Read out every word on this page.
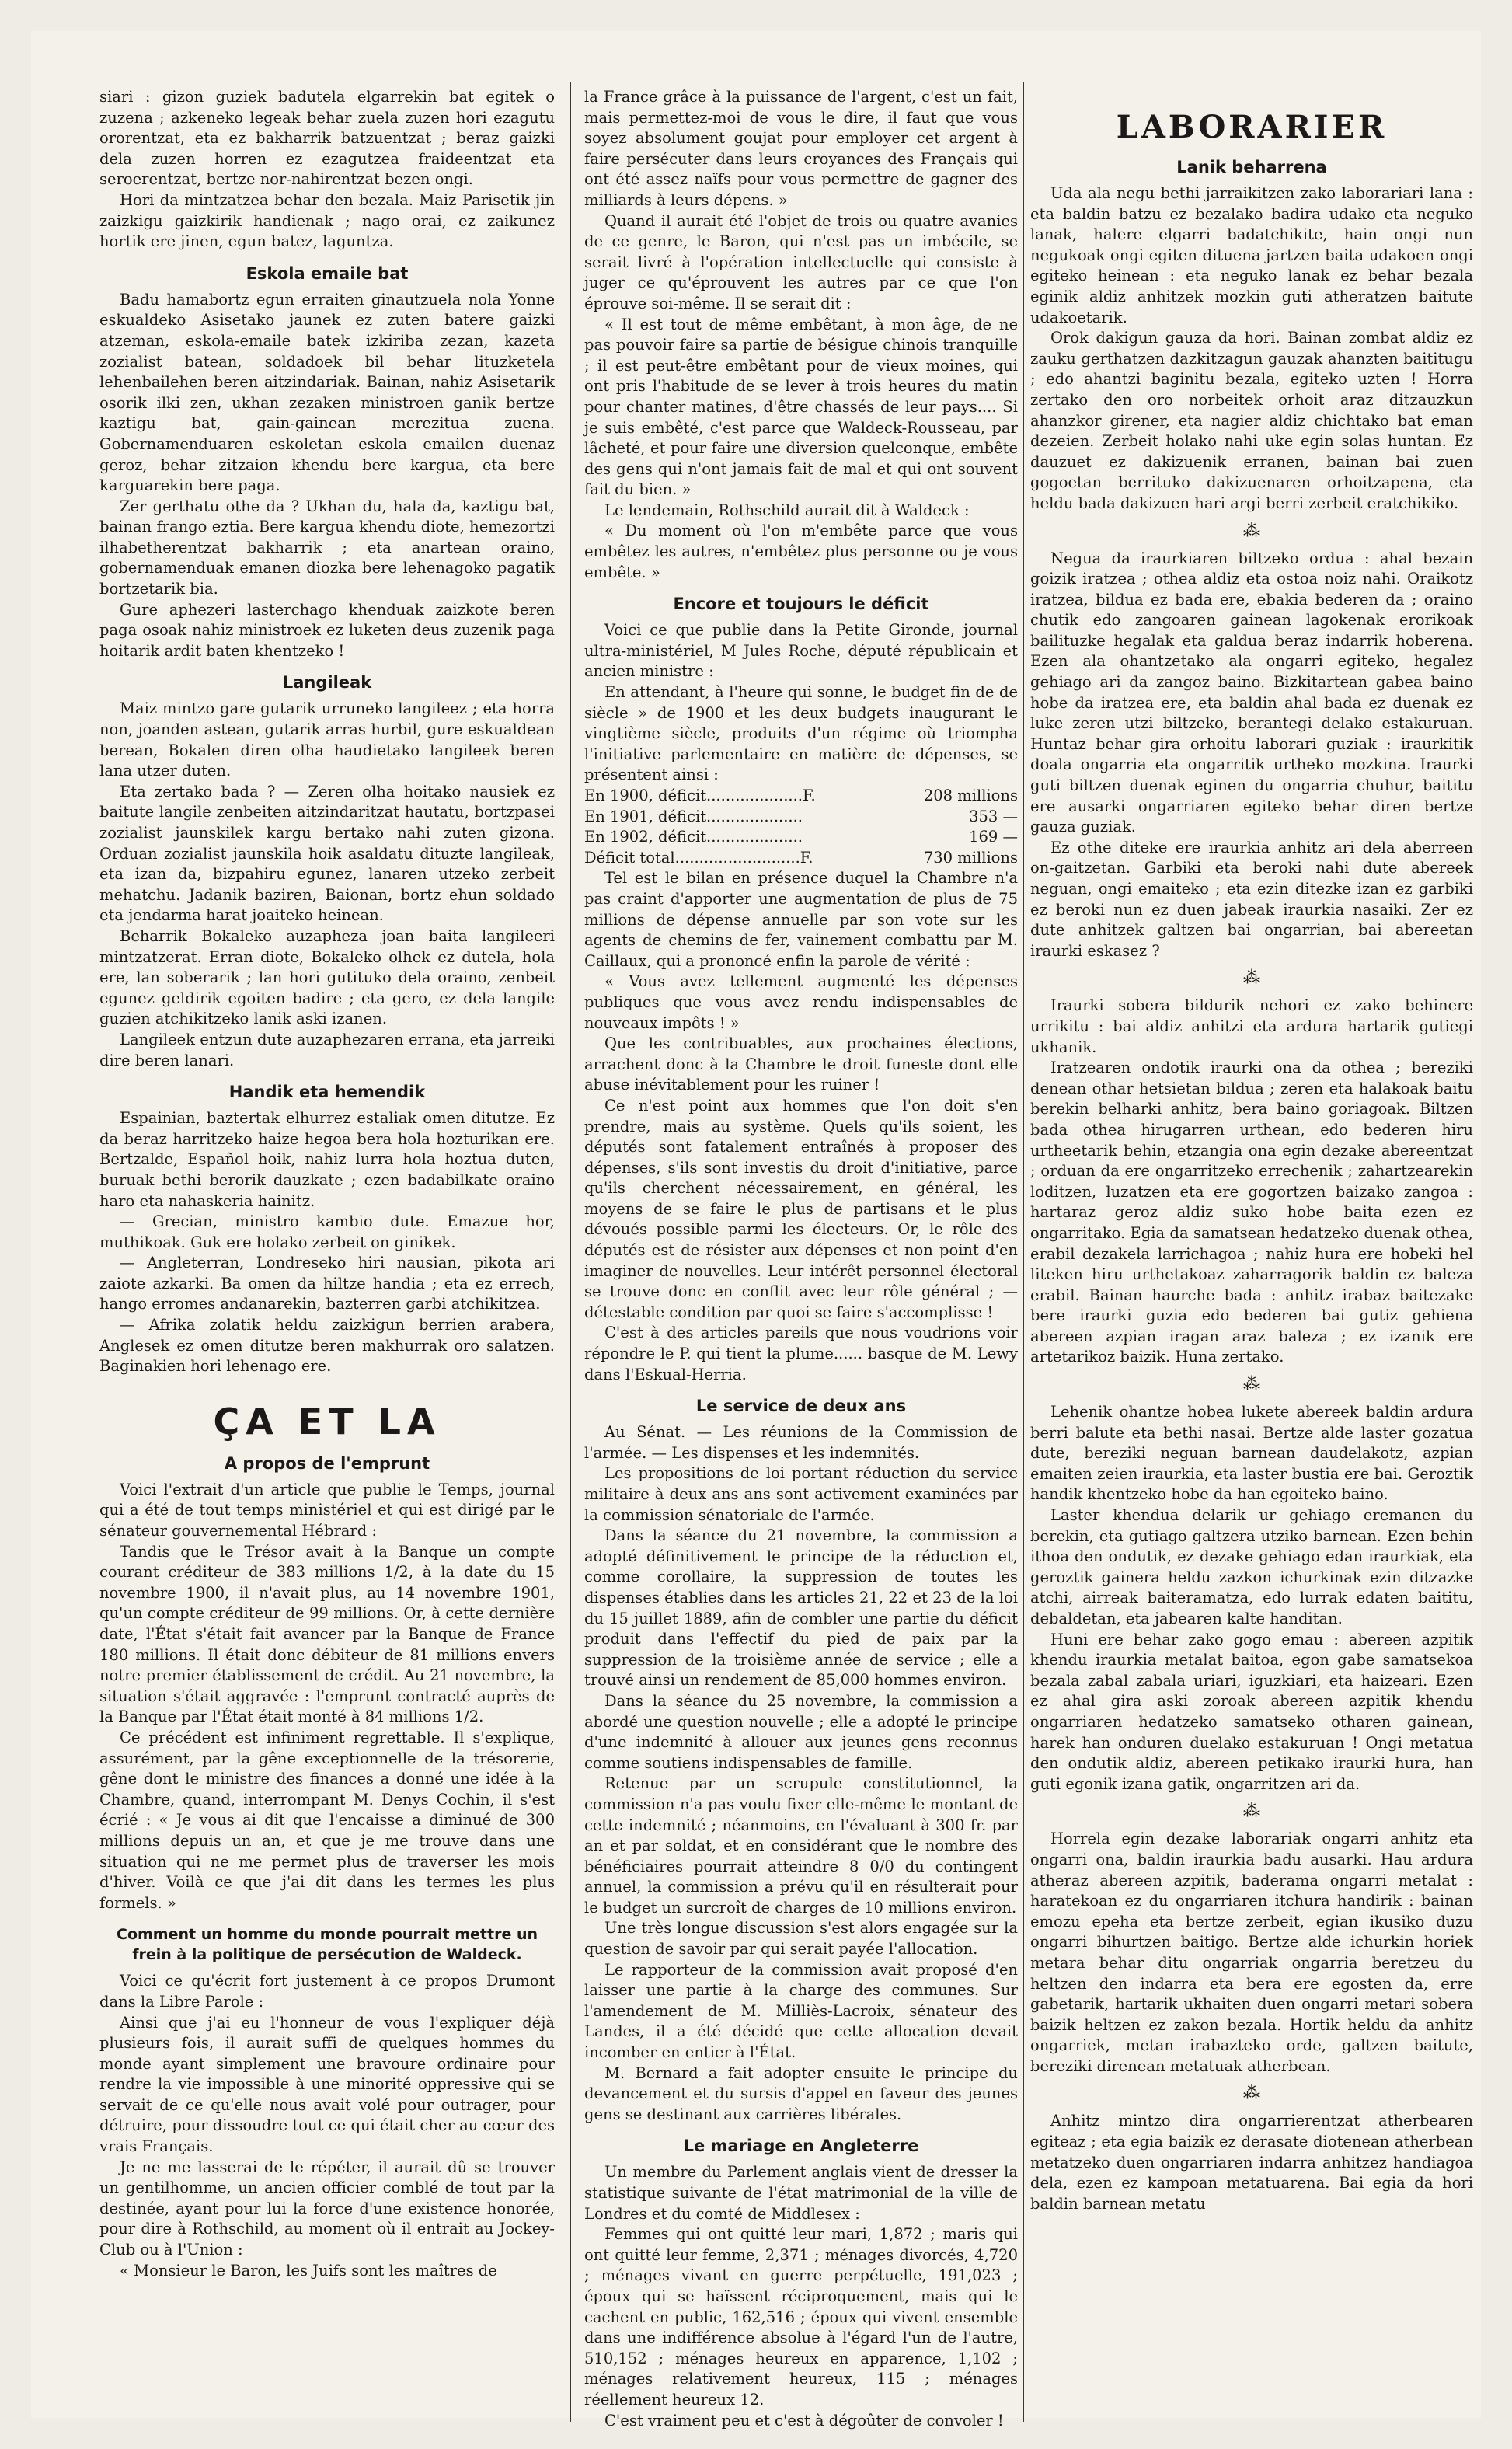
siari : gizon guziek badutela elgarrekin bat egitek o zuzena ; azkeneko legeak behar zuela zuzen hori ezagutu ororentzat, eta ez bakharrik batzuentzat ; beraz gaizki dela zuzen horren ez ezagutzea fraideentzat eta seroerentzat, bertze nor-nahirentzat bezen ongi.

Hori da mintzatzea behar den bezala. Maiz Parisetik jin zaizkigu gaizkirik handienak ; nago orai, ez zaikunez hortik ere jinen, egun batez, laguntza.

Eskola emaile bat

Badu hamabortz egun erraiten ginautzuela nola Yonne eskualdeko Asisetako jaunek ez zuten batere gaizki atzeman, eskola-emaile batek izkiriba zezan, kazeta zozialist batean, soldadoek bil behar lituzketela lehenbailehen beren aitzindariak. Bainan, nahiz Asisetarik osorik ilki zen, ukhan zezaken ministroen ganik bertze kaztigu bat, gain-gainean merezitua zuena. Gobernamenduaren eskoletan eskola emailen duenaz geroz, behar zitzaion khendu bere kargua, eta bere karguarekin bere paga.

Zer gerthatu othe da ? Ukhan du, hala da, kaztigu bat, bainan frango eztia. Bere kargua khendu diote, hemezortzi ilhabetherentzat bakharrik ; eta anartean oraino, gobernamenduak emanen diozka bere lehenagoko pagatik bortzetarik bia.

Gure aphezeri lasterchago khenduak zaizkote beren paga osoak nahiz ministroek ez luketen deus zuzenik paga hoitarik ardit baten khentzeko !

Langileak

Maiz mintzo gare gutarik urruneko langileez ; eta horra non, joanden astean, gutarik arras hurbil, gure eskualdean berean, Bokalen diren olha haudietako langileek beren lana utzer duten.

Eta zertako bada ? — Zeren olha hoitako nausiek ez baitute langile zenbeiten aitzindaritzat hautatu, bortzpasei zozialist jaunskilek kargu bertako nahi zuten gizona. Orduan zozialist jaunskila hoik asaldatu dituzte langileak, eta izan da, bizpahiru egunez, lanaren utzeko zerbeit mehatchu. Jadanik baziren, Baionan, bortz ehun soldado eta jendarma harat joaiteko heinean.

Beharrik Bokaleko auzapheza joan baita langileeri mintzatzerat. Erran diote, Bokaleko olhek ez dutela, hola ere, lan soberarik ; lan hori gutituko dela oraino, zenbeit egunez geldirik egoiten badire ; eta gero, ez dela langile guzien atchikitzeko lanik aski izanen.

Langileek entzun dute auzaphezaren errana, eta jarreiki dire beren lanari.

Handik eta hemendik

Espainian, baztertak elhurrez estaliak omen ditutze. Ez da beraz harritzeko haize hegoa bera hola hozturikan ere. Bertzalde, Español hoik, nahiz lurra hola hoztua duten, buruak bethi berorik dauzkate ; ezen badabilkate oraino haro eta nahaskeria hainitz.

— Grecian, ministro kambio dute. Emazue hor, muthikoak. Guk ere holako zerbeit on ginikek.

— Angleterran, Londreseko hiri nausian, pikota ari zaiote azkarki. Ba omen da hiltze handia ; eta ez errech, hango erromes andanarekin, bazterren garbi atchikitzea.

— Afrika zolatik heldu zaizkigun berrien arabera, Anglesek ez omen ditutze beren makhurrak oro salatzen. Baginakien hori lehenago ere.

ÇA ET LA
A propos de l'emprunt

Voici l'extrait d'un article que publie le Temps, journal qui a été de tout temps ministériel et qui est dirigé par le sénateur gouvernemental Hébrard :

Tandis que le Trésor avait à la Banque un compte courant créditeur de 383 millions 1/2, à la date du 15 novembre 1900, il n'avait plus, au 14 novembre 1901, qu'un compte créditeur de 99 millions. Or, à cette dernière date, l'État s'était fait avancer par la Banque de France 180 millions. Il était donc débiteur de 81 millions envers notre premier établissement de crédit. Au 21 novembre, la situation s'était aggravée : l'emprunt contracté auprès de la Banque par l'État était monté à 84 millions 1/2.

Ce précédent est infiniment regrettable. Il s'explique, assurément, par la gêne exceptionnelle de la trésorerie, gêne dont le ministre des finances a donné une idée à la Chambre, quand, interrompant M. Denys Cochin, il s'est écrié : « Je vous ai dit que l'encaisse a diminué de 300 millions depuis un an, et que je me trouve dans une situation qui ne me permet plus de traverser les mois d'hiver. Voilà ce que j'ai dit dans les termes les plus formels. »

Comment un homme du monde pourrait mettre un frein à la politique de persécution de Waldeck.

Voici ce qu'écrit fort justement à ce propos Drumont dans la Libre Parole :

Ainsi que j'ai eu l'honneur de vous l'expliquer déjà plusieurs fois, il aurait suffi de quelques hommes du monde ayant simplement une bravoure ordinaire pour rendre la vie impossible à une minorité oppressive qui se servait de ce qu'elle nous avait volé pour outrager, pour détruire, pour dissoudre tout ce qui était cher au cœur des vrais Français.

Je ne me lasserai de le répéter, il aurait dû se trouver un gentilhomme, un ancien officier comblé de tout par la destinée, ayant pour lui la force d'une existence honorée, pour dire à Rothschild, au moment où il entrait au Jockey-Club ou à l'Union :

« Monsieur le Baron, les Juifs sont les maîtres de

la France grâce à la puissance de l'argent, c'est un fait, mais permettez-moi de vous le dire, il faut que vous soyez absolument goujat pour employer cet argent à faire persécuter dans leurs croyances des Français qui ont été assez naïfs pour vous permettre de gagner des milliards à leurs dépens. »

Quand il aurait été l'objet de trois ou quatre avanies de ce genre, le Baron, qui n'est pas un imbécile, se serait livré à l'opération intellectuelle qui consiste à juger ce qu'éprouvent les autres par ce que l'on éprouve soi-même. Il se serait dit :

« Il est tout de même embêtant, à mon âge, de ne pas pouvoir faire sa partie de bésigue chinois tranquille ; il est peut-être embêtant pour de vieux moines, qui ont pris l'habitude de se lever à trois heures du matin pour chanter matines, d'être chassés de leur pays.... Si je suis embêté, c'est parce que Waldeck-Rousseau, par lâcheté, et pour faire une diversion quelconque, embête des gens qui n'ont jamais fait de mal et qui ont souvent fait du bien. »

Le lendemain, Rothschild aurait dit à Waldeck :

« Du moment où l'on m'embête parce que vous embêtez les autres, n'embêtez plus personne ou je vous embête. »

Encore et toujours le déficit

Voici ce que publie dans la Petite Gironde, journal ultra-ministériel, M Jules Roche, député républicain et ancien ministre :

En attendant, à l'heure qui sonne, le budget fin de de siècle » de 1900 et les deux budgets inaugurant le vingtième siècle, produits d'un régime où triompha l'initiative parlementaire en matière de dépenses, se présentent ainsi :

En 1900, déficit....................F.	208 millions
En 1901, déficit....................	353 —
En 1902, déficit....................	169 —
Déficit total..........................F.	730 millions

Tel est le bilan en présence duquel la Chambre n'a pas craint d'apporter une augmentation de plus de 75 millions de dépense annuelle par son vote sur les agents de chemins de fer, vainement combattu par M. Caillaux, qui a prononcé enfin la parole de vérité :

« Vous avez tellement augmenté les dépenses publiques que vous avez rendu indispensables de nouveaux impôts ! »

Que les contribuables, aux prochaines élections, arrachent donc à la Chambre le droit funeste dont elle abuse inévitablement pour les ruiner !

Ce n'est point aux hommes que l'on doit s'en prendre, mais au système. Quels qu'ils soient, les députés sont fatalement entraînés à proposer des dépenses, s'ils sont investis du droit d'initiative, parce qu'ils cherchent nécessairement, en général, les moyens de se faire le plus de partisans et le plus dévoués possible parmi les électeurs. Or, le rôle des députés est de résister aux dépenses et non point d'en imaginer de nouvelles. Leur intérêt personnel électoral se trouve donc en conflit avec leur rôle général ; — détestable condition par quoi se faire s'accomplisse !

C'est à des articles pareils que nous voudrions voir répondre le P. qui tient la plume...... basque de M. Lewy dans l'Eskual-Herria.

Le service de deux ans

Au Sénat. — Les réunions de la Commission de l'armée. — Les dispenses et les indemnités.

Les propositions de loi portant réduction du service militaire à deux ans ans sont activement examinées par la commission sénatoriale de l'armée.

Dans la séance du 21 novembre, la commission a adopté définitivement le principe de la réduction et, comme corollaire, la suppression de toutes les dispenses établies dans les articles 21, 22 et 23 de la loi du 15 juillet 1889, afin de combler une partie du déficit produit dans l'effectif du pied de paix par la suppression de la troisième année de service ; elle a trouvé ainsi un rendement de 85,000 hommes environ.

Dans la séance du 25 novembre, la commission a abordé une question nouvelle ; elle a adopté le principe d'une indemnité à allouer aux jeunes gens reconnus comme soutiens indispensables de famille.

Retenue par un scrupule constitutionnel, la commission n'a pas voulu fixer elle-même le montant de cette indemnité ; néanmoins, en l'évaluant à 300 fr. par an et par soldat, et en considérant que le nombre des bénéficiaires pourrait atteindre 8 0/0 du contingent annuel, la commission a prévu qu'il en résulterait pour le budget un surcroît de charges de 10 millions environ.

Une très longue discussion s'est alors engagée sur la question de savoir par qui serait payée l'allocation.

Le rapporteur de la commission avait proposé d'en laisser une partie à la charge des communes. Sur l'amendement de M. Milliès-Lacroix, sénateur des Landes, il a été décidé que cette allocation devait incomber en entier à l'État.

M. Bernard a fait adopter ensuite le principe du devancement et du sursis d'appel en faveur des jeunes gens se destinant aux carrières libérales.

Le mariage en Angleterre

Un membre du Parlement anglais vient de dresser la statistique suivante de l'état matrimonial de la ville de Londres et du comté de Middlesex :

Femmes qui ont quitté leur mari, 1,872 ; maris qui ont quitté leur femme, 2,371 ; ménages divorcés, 4,720 ; ménages vivant en guerre perpétuelle, 191,023 ; époux qui se haïssent réciproquement, mais qui le cachent en public, 162,516 ; époux qui vivent ensemble dans une indifférence absolue à l'égard l'un de l'autre, 510,152 ; ménages heureux en apparence, 1,102 ; ménages relativement heureux, 115 ; ménages réellement heureux 12.

C'est vraiment peu et c'est à dégoûter de convoler !

LABORARIER
Lanik beharrena

Uda ala negu bethi jarraikitzen zako laborariari lana : eta baldin batzu ez bezalako badira udako eta neguko lanak, halere elgarri badatchikite, hain ongi nun negukoak ongi egiten dituena jartzen baita udakoen ongi egiteko heinean : eta neguko lanak ez behar bezala eginik aldiz anhitzek mozkin guti atheratzen baitute udakoetarik.

Orok dakigun gauza da hori. Bainan zombat aldiz ez zauku gerthatzen dazkitzagun gauzak ahanzten baititugu ; edo ahantzi baginitu bezala, egiteko uzten ! Horra zertako den oro norbeitek orhoit araz ditzauzkun ahanzkor girener, eta nagier aldiz chichtako bat eman dezeien. Zerbeit holako nahi uke egin solas huntan. Ez dauzuet ez dakizuenik erranen, bainan bai zuen gogoetan berrituko dakizuenaren orhoitzapena, eta heldu bada dakizuen hari argi berri zerbeit eratchikiko.

⁂

Negua da iraurkiaren biltzeko ordua : ahal bezain goizik iratzea ; othea aldiz eta ostoa noiz nahi. Oraikotz iratzea, bildua ez bada ere, ebakia bederen da ; oraino chutik edo zangoaren gainean lagokenak erorikoak bailituzke hegalak eta galdua beraz indarrik hoberena. Ezen ala ohantzetako ala ongarri egiteko, hegalez gehiago ari da zangoz baino. Bizkitartean gabea baino hobe da iratzea ere, eta baldin ahal bada ez duenak ez luke zeren utzi biltzeko, berantegi delako estakuruan. Huntaz behar gira orhoitu laborari guziak : iraurkitik doala ongarria eta ongarritik urtheko mozkina. Iraurki guti biltzen duenak eginen du ongarria chuhur, baititu ere ausarki ongarriaren egiteko behar diren bertze gauza guziak.

Ez othe diteke ere iraurkia anhitz ari dela aberreen on-gaitzetan. Garbiki eta beroki nahi dute abereek neguan, ongi emaiteko ; eta ezin ditezke izan ez garbiki ez beroki nun ez duen jabeak iraurkia nasaiki. Zer ez dute anhitzek galtzen bai ongarrian, bai abereetan iraurki eskasez ?

⁂

Iraurki sobera bildurik nehori ez zako behinere urrikitu : bai aldiz anhitzi eta ardura hartarik gutiegi ukhanik.

Iratzearen ondotik iraurki ona da othea ; bereziki denean othar hetsietan bildua ; zeren eta halakoak baitu berekin belharki anhitz, bera baino goriagoak. Biltzen bada othea hirugarren urthean, edo bederen hiru urtheetarik behin, etzangia ona egin dezake abereentzat ; orduan da ere ongarritzeko errechenik ; zahartzearekin loditzen, luzatzen eta ere gogortzen baizako zangoa : hartaraz geroz aldiz suko hobe baita ezen ez ongarritako. Egia da samatsean hedatzeko duenak othea, erabil dezakela larrichagoa ; nahiz hura ere hobeki hel liteken hiru urthetakoaz zaharragorik baldin ez baleza erabil. Bainan haurche bada : anhitz irabaz baitezake bere iraurki guzia edo bederen bai gutiz gehiena abereen azpian iragan araz baleza ; ez izanik ere artetarikoz baizik. Huna zertako.

⁂

Lehenik ohantze hobea lukete abereek baldin ardura berri balute eta bethi nasai. Bertze alde laster gozatua dute, bereziki neguan barnean daudelakotz, azpian emaiten zeien iraurkia, eta laster bustia ere bai. Geroztik handik khentzeko hobe da han egoiteko baino.

Laster khendua delarik ur gehiago eremanen du berekin, eta gutiago galtzera utziko barnean. Ezen behin ithoa den ondutik, ez dezake gehiago edan iraurkiak, eta geroztik gainera heldu zazkon ichurkinak ezin ditzazke atchi, airreak baiteramatza, edo lurrak edaten baititu, debaldetan, eta jabearen kalte handitan.

Huni ere behar zako gogo emau : abereen azpitik khendu iraurkia metalat baitoa, egon gabe samatsekoa bezala zabal zabala uriari, iguzkiari, eta haizeari. Ezen ez ahal gira aski zoroak abereen azpitik khendu ongarriaren hedatzeko samatseko otharen gainean, harek han onduren duelako estakuruan ! Ongi metatua den ondutik aldiz, abereen petikako iraurki hura, han guti egonik izana gatik, ongarritzen ari da.

⁂

Horrela egin dezake laborariak ongarri anhitz eta ongarri ona, baldin iraurkia badu ausarki. Hau ardura atheraz abereen azpitik, baderama ongarri metalat : haratekoan ez du ongarriaren itchura handirik : bainan emozu epeha eta bertze zerbeit, egian ikusiko duzu ongarri bihurtzen baitigo. Bertze alde ichurkin horiek metara behar ditu ongarriak ongarria beretzeu du heltzen den indarra eta bera ere egosten da, erre gabetarik, hartarik ukhaiten duen ongarri metari sobera baizik heltzen ez zakon bezala. Hortik heldu da anhitz ongarriek, metan irabazteko orde, galtzen baitute, bereziki direnean metatuak atherbean.

⁂

Anhitz mintzo dira ongarrierentzat atherbearen egiteaz ; eta egia baizik ez derasate diotenean atherbean metatzeko duen ongarriaren indarra anhitzez handiagoa dela, ezen ez kampoan metatuarena. Bai egia da hori baldin barnean metatu
